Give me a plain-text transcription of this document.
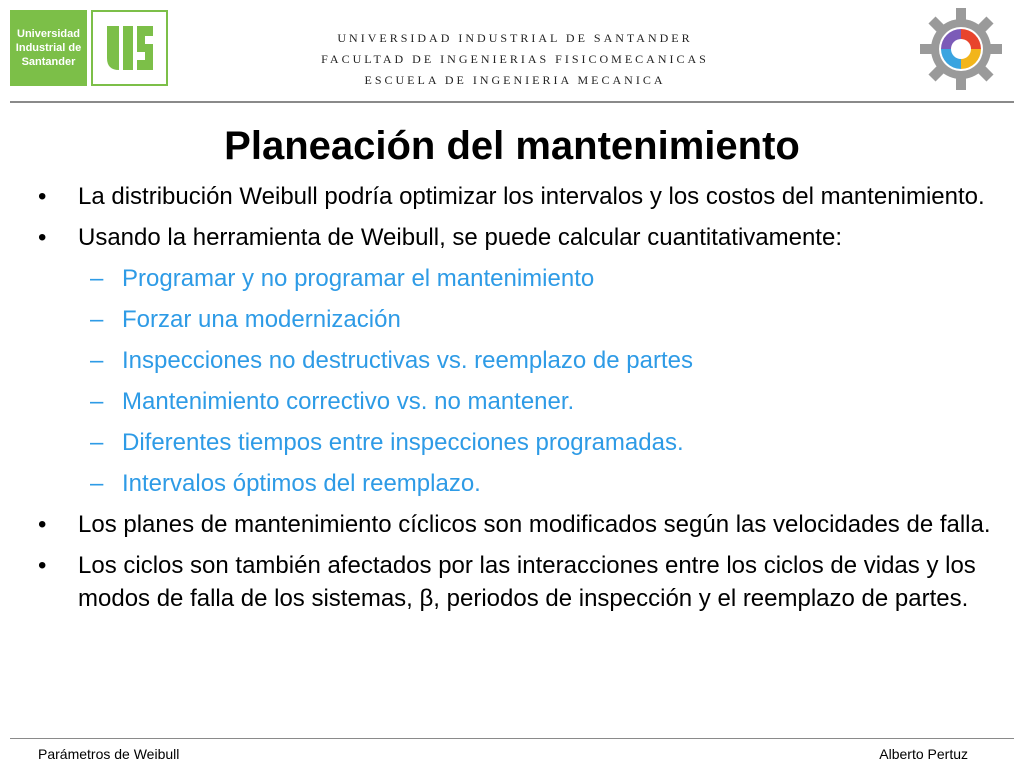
Universidad
Industrial de
Santander
UNIVERSIDAD INDUSTRIAL DE SANTANDER
FACULTAD DE INGENIERIAS FISICOMECANICAS
ESCUELA DE INGENIERIA MECANICA
Planeación del mantenimiento
• La distribución Weibull podría optimizar los intervalos y los costos del mantenimiento.
• Usando la herramienta de Weibull, se puede calcular cuantitativamente:
– Programar y no programar el mantenimiento
– Forzar una modernización
– Inspecciones no destructivas vs. reemplazo de partes
– Mantenimiento correctivo vs. no mantener.
– Diferentes tiempos entre inspecciones programadas.
– Intervalos óptimos del reemplazo.
• Los planes de mantenimiento cíclicos son modificados según las velocidades de falla.
• Los ciclos son también afectados por las interacciones entre los ciclos de vidas y los modos de falla de los sistemas, β, periodos de inspección y el reemplazo de partes.
Parámetros de Weibull	Alberto Pertuz
